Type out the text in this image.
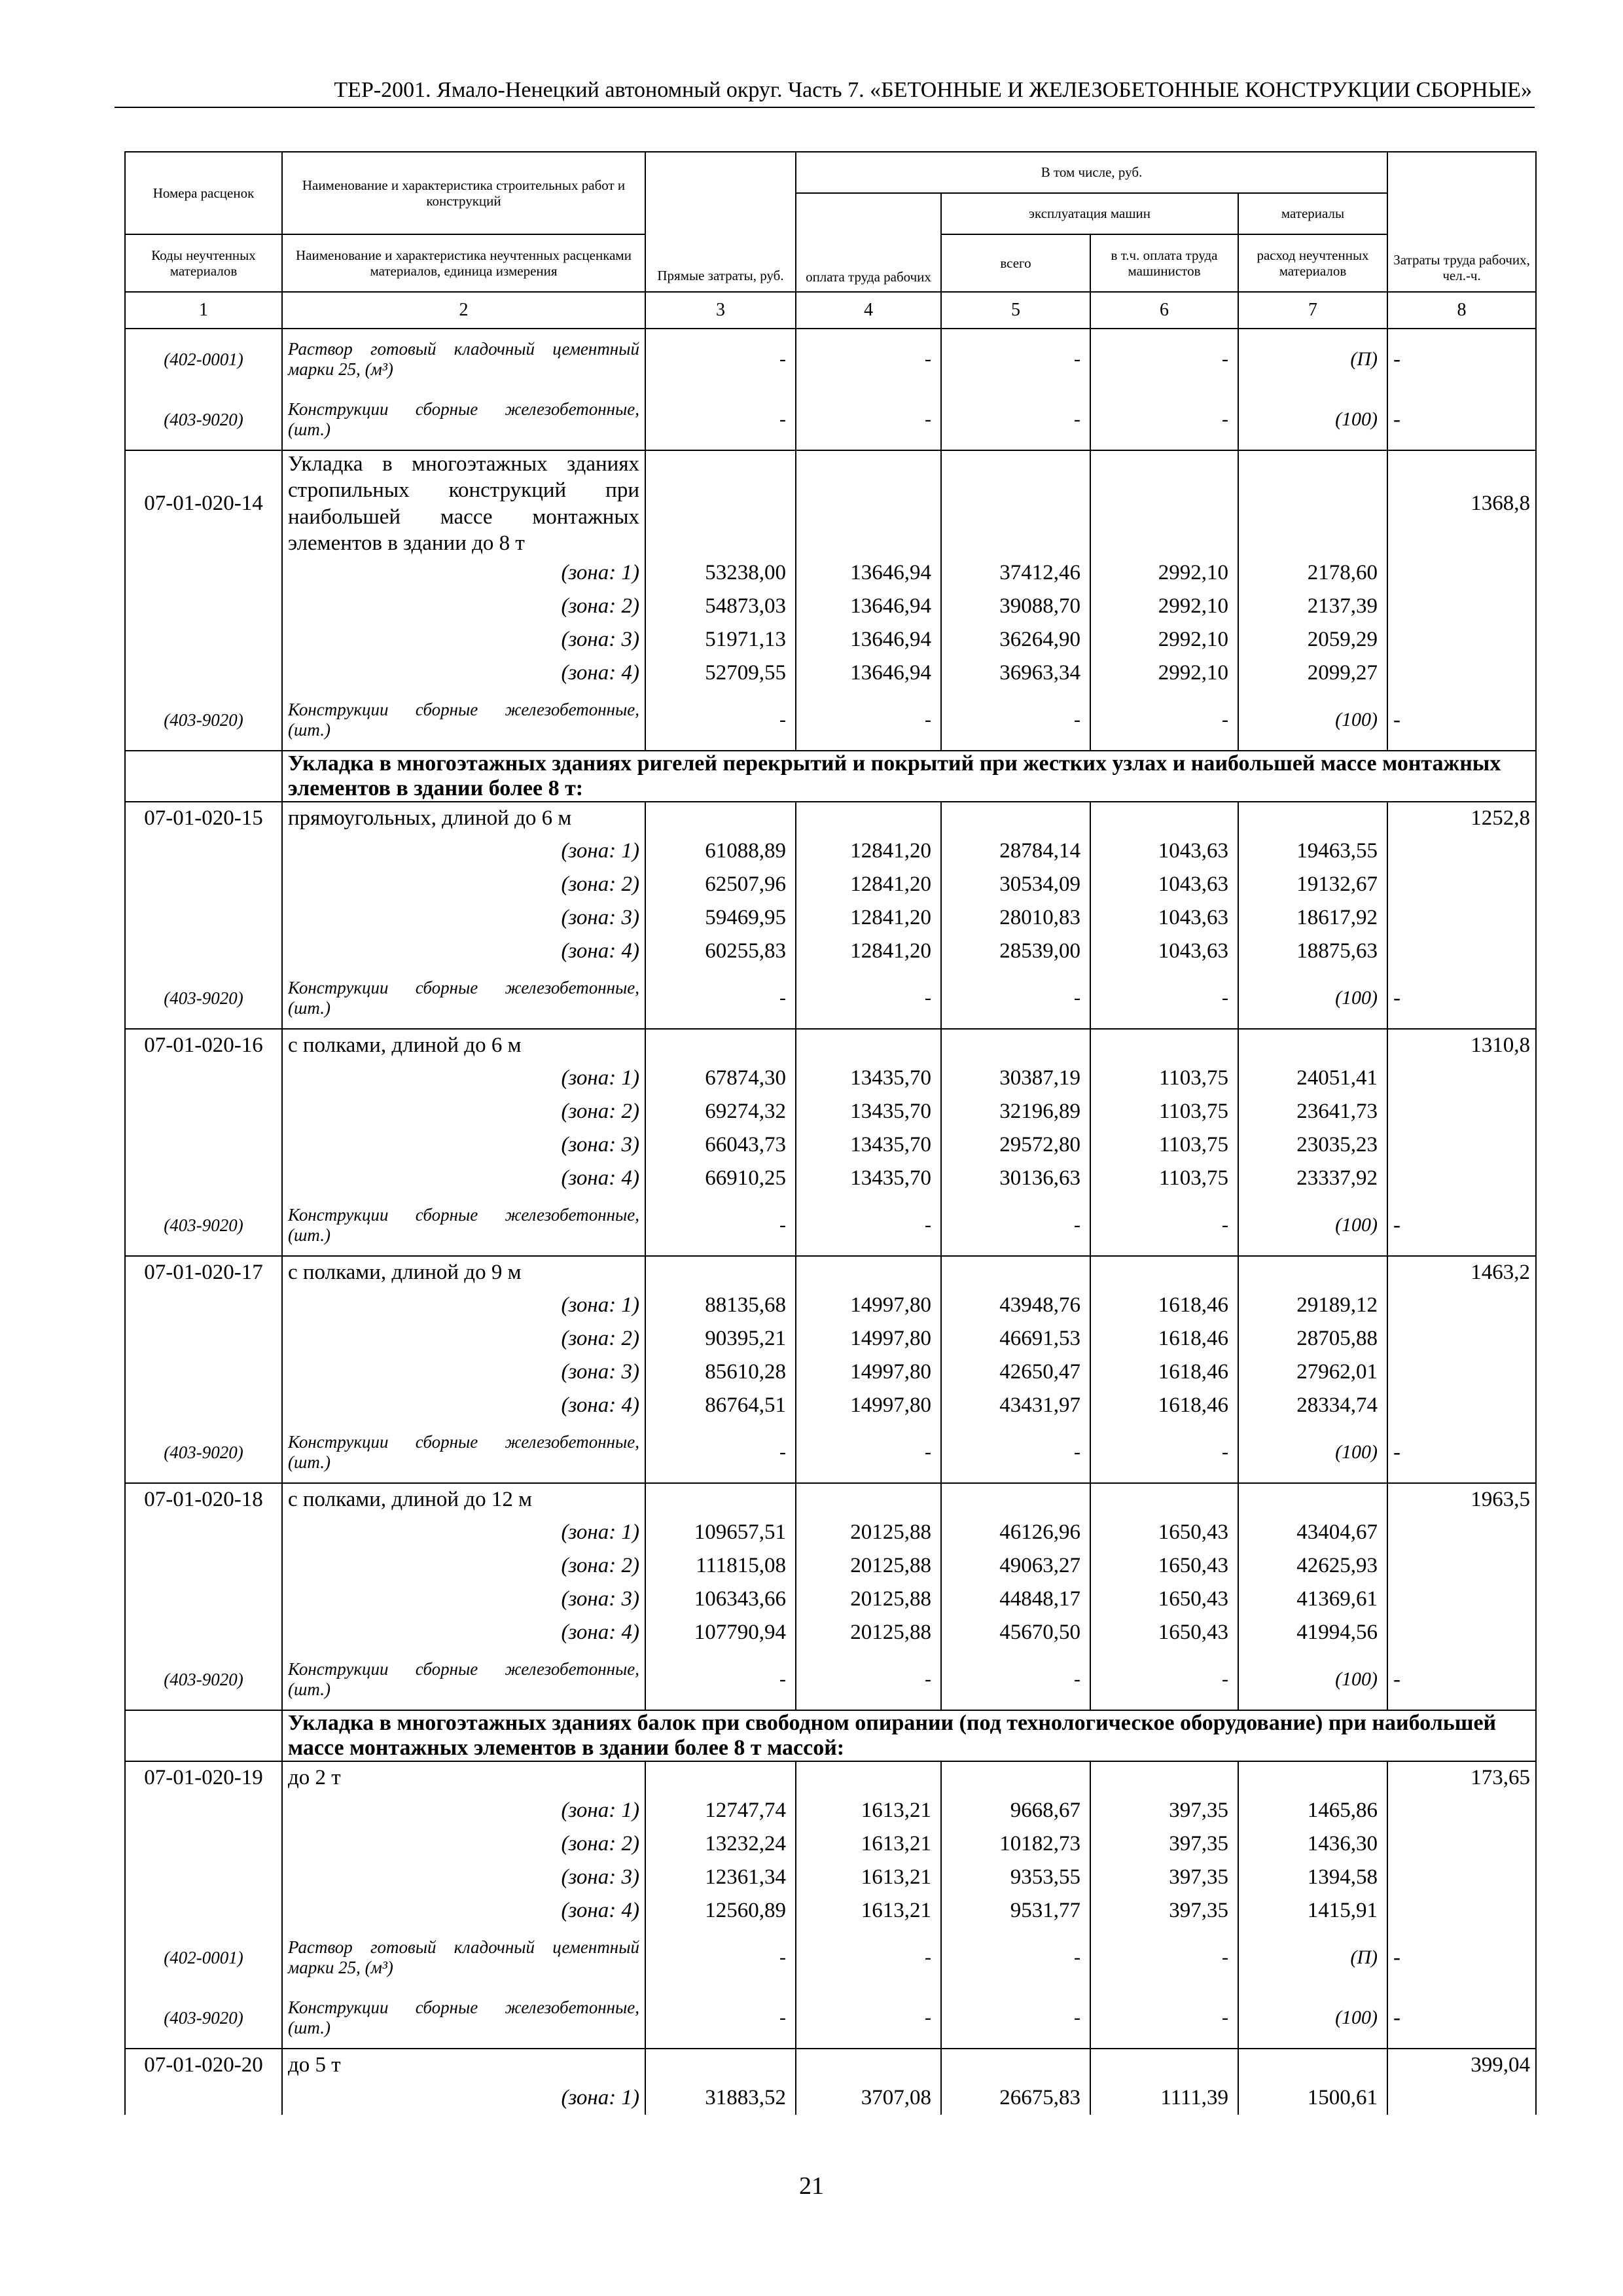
ТЕР-2001. Ямало-Ненецкий автономный округ. Часть 7. «БЕТОННЫЕ И ЖЕЛЕЗОБЕТОННЫЕ КОНСТРУКЦИИ СБОРНЫЕ»
Номера расценок	Наименование и характеристика строительных работ и конструкций	Прямые затраты, руб.	В том числе, руб.				Затраты труда рабочих, чел.-ч.
			оплата труда рабочих	эксплуатация машин		материалы	
Коды неучтенных материалов	Наименование и характеристика неучтенных расценками материалов, единица измерения			всего	в т.ч. оплата труда машинистов	расход неучтенных материалов	
1	2	3	4	5	6	7	8
(402-0001)	Раствор готовый кладочный цементный марки 25, (м³)	-	-	-	-	(П)	-
(403-9020)	Конструкции сборные железобетонные, (шт.)	-	-	-	-	(100)	-
07-01-020-14	Укладка в многоэтажных зданиях стропильных конструкций при наибольшей массе монтажных элементов в здании до 8 т						1368,8
	(зона: 1)	53238,00	13646,94	37412,46	2992,10	2178,60	
	(зона: 2)	54873,03	13646,94	39088,70	2992,10	2137,39	
	(зона: 3)	51971,13	13646,94	36264,90	2992,10	2059,29	
	(зона: 4)	52709,55	13646,94	36963,34	2992,10	2099,27	
(403-9020)	Конструкции сборные железобетонные, (шт.)	-	-	-	-	(100)	-
	Укладка в многоэтажных зданиях ригелей перекрытий и покрытий при жестких узлах и наибольшей массе монтажных элементов в здании более 8 т:						
07-01-020-15	прямоугольных, длиной до 6 м						1252,8
	(зона: 1)	61088,89	12841,20	28784,14	1043,63	19463,55	
	(зона: 2)	62507,96	12841,20	30534,09	1043,63	19132,67	
	(зона: 3)	59469,95	12841,20	28010,83	1043,63	18617,92	
	(зона: 4)	60255,83	12841,20	28539,00	1043,63	18875,63	
(403-9020)	Конструкции сборные железобетонные, (шт.)	-	-	-	-	(100)	-
07-01-020-16	с полками, длиной до 6 м						1310,8
	(зона: 1)	67874,30	13435,70	30387,19	1103,75	24051,41	
	(зона: 2)	69274,32	13435,70	32196,89	1103,75	23641,73	
	(зона: 3)	66043,73	13435,70	29572,80	1103,75	23035,23	
	(зона: 4)	66910,25	13435,70	30136,63	1103,75	23337,92	
(403-9020)	Конструкции сборные железобетонные, (шт.)	-	-	-	-	(100)	-
07-01-020-17	с полками, длиной до 9 м						1463,2
	(зона: 1)	88135,68	14997,80	43948,76	1618,46	29189,12	
	(зона: 2)	90395,21	14997,80	46691,53	1618,46	28705,88	
	(зона: 3)	85610,28	14997,80	42650,47	1618,46	27962,01	
	(зона: 4)	86764,51	14997,80	43431,97	1618,46	28334,74	
(403-9020)	Конструкции сборные железобетонные, (шт.)	-	-	-	-	(100)	-
07-01-020-18	с полками, длиной до 12 м						1963,5
	(зона: 1)	109657,51	20125,88	46126,96	1650,43	43404,67	
	(зона: 2)	111815,08	20125,88	49063,27	1650,43	42625,93	
	(зона: 3)	106343,66	20125,88	44848,17	1650,43	41369,61	
	(зона: 4)	107790,94	20125,88	45670,50	1650,43	41994,56	
(403-9020)	Конструкции сборные железобетонные, (шт.)	-	-	-	-	(100)	-
	Укладка в многоэтажных зданиях балок при свободном опирании (под технологическое оборудование) при наибольшей массе монтажных элементов в здании более 8 т массой:						
07-01-020-19	до 2 т						173,65
	(зона: 1)	12747,74	1613,21	9668,67	397,35	1465,86	
	(зона: 2)	13232,24	1613,21	10182,73	397,35	1436,30	
	(зона: 3)	12361,34	1613,21	9353,55	397,35	1394,58	
	(зона: 4)	12560,89	1613,21	9531,77	397,35	1415,91	
(402-0001)	Раствор готовый кладочный цементный марки 25, (м³)	-	-	-	-	(П)	-
(403-9020)	Конструкции сборные железобетонные, (шт.)	-	-	-	-	(100)	-
07-01-020-20	до 5 т						399,04
	(зона: 1)	31883,52	3707,08	26675,83	1111,39	1500,61	
21
